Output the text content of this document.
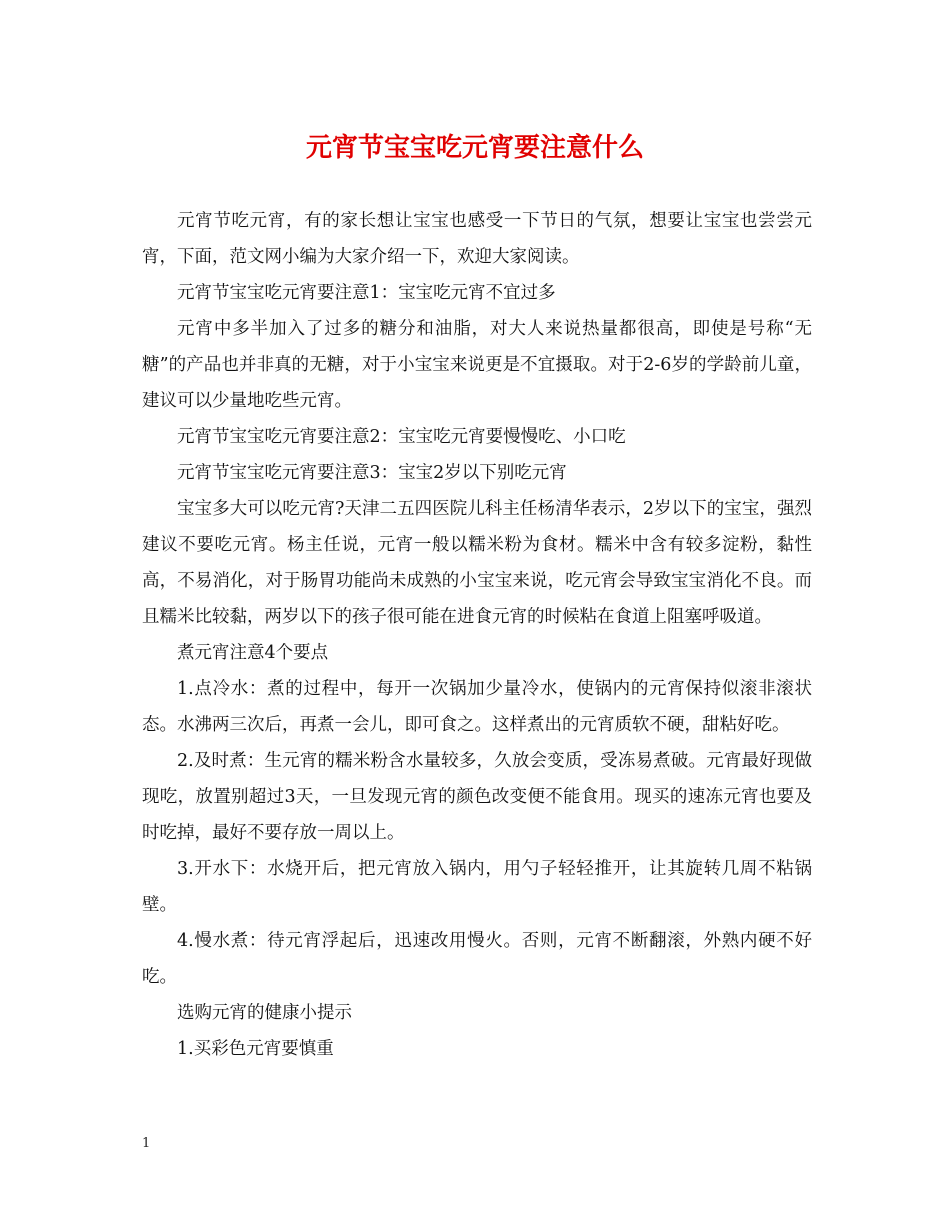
元宵节宝宝吃元宵要注意什么

元宵节吃元宵，有的家长想让宝宝也感受一下节日的气氛，想要让宝宝也尝尝元宵，下面，范文网小编为大家介绍一下，欢迎大家阅读。

元宵节宝宝吃元宵要注意1：宝宝吃元宵不宜过多

元宵中多半加入了过多的糖分和油脂，对大人来说热量都很高，即使是号称“无糖”的产品也并非真的无糖，对于小宝宝来说更是不宜摄取。对于2-6岁的学龄前儿童，建议可以少量地吃些元宵。

元宵节宝宝吃元宵要注意2：宝宝吃元宵要慢慢吃、小口吃

元宵节宝宝吃元宵要注意3：宝宝2岁以下别吃元宵

宝宝多大可以吃元宵?天津二五四医院儿科主任杨清华表示，2岁以下的宝宝，强烈建议不要吃元宵。杨主任说，元宵一般以糯米粉为食材。糯米中含有较多淀粉，黏性高，不易消化，对于肠胃功能尚未成熟的小宝宝来说，吃元宵会导致宝宝消化不良。而且糯米比较黏，两岁以下的孩子很可能在进食元宵的时候粘在食道上阻塞呼吸道。

煮元宵注意4个要点

1.点冷水：煮的过程中，每开一次锅加少量冷水，使锅内的元宵保持似滚非滚状态。水沸两三次后，再煮一会儿，即可食之。这样煮出的元宵质软不硬，甜粘好吃。

2.及时煮：生元宵的糯米粉含水量较多，久放会变质，受冻易煮破。元宵最好现做现吃，放置别超过3天，一旦发现元宵的颜色改变便不能食用。现买的速冻元宵也要及时吃掉，最好不要存放一周以上。

3.开水下：水烧开后，把元宵放入锅内，用勺子轻轻推开，让其旋转几周不粘锅壁。

4.慢水煮：待元宵浮起后，迅速改用慢火。否则，元宵不断翻滚，外熟内硬不好吃。

选购元宵的健康小提示

1.买彩色元宵要慎重

1
